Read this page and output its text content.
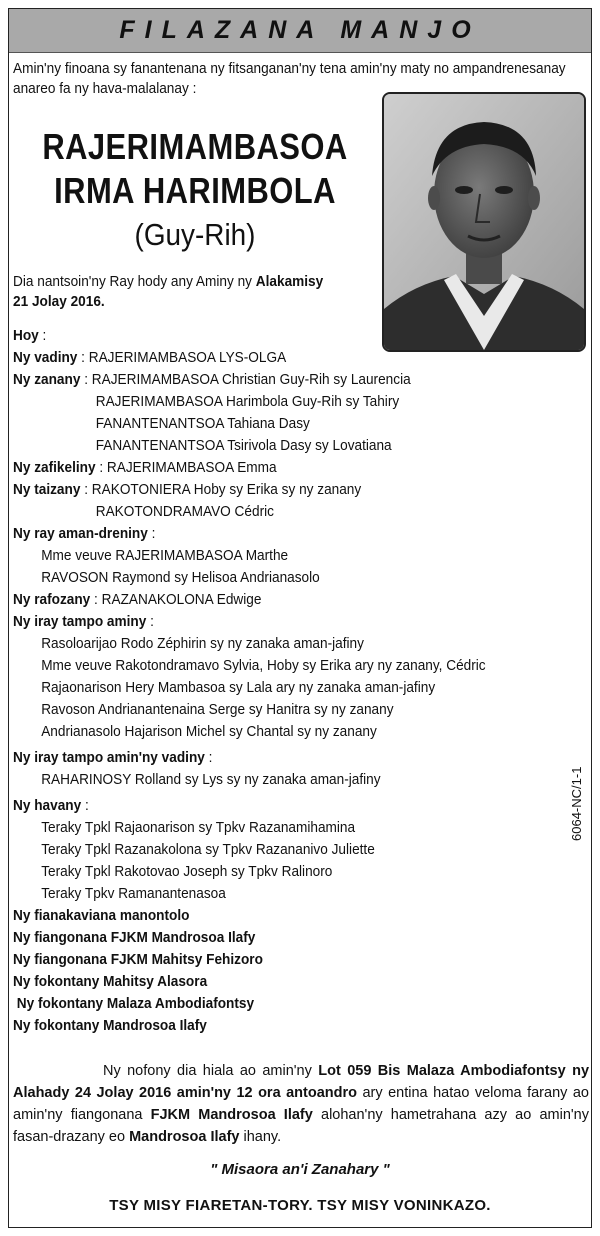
FILAZANA MANJO
Amin'ny finoana sy fanantenana ny fitsanganan'ny tena amin'ny maty no ampandrenesanay anareo fa ny hava-malalanay :
RAJERIMAMBASOA
IRMA HARIMBOLA
(Guy-Rih)
Dia nantsoin'ny Ray hody any Aminy ny Alakamisy
21 Jolay 2016.
Hoy :
Ny vadiny : RAJERIMAMBASOA LYS-OLGA
Ny zanany : RAJERIMAMBASOA Christian Guy-Rih sy Laurencia
RAJERIMAMBASOA Harimbola Guy-Rih sy Tahiry
FANANTENANTSOA Tahiana Dasy
FANANTENANTSOA Tsirivola Dasy sy Lovatiana
Ny zafikeliny : RAJERIMAMBASOA Emma
Ny taizany : RAKOTONIERA Hoby sy Erika sy ny zanany
RAKOTONDRAMAVO Cédric
Ny ray aman-dreniny :
Mme veuve RAJERIMAMBASOA Marthe
RAVOSON Raymond sy Helisoa Andrianasolo
Ny rafozany : RAZANAKOLONA Edwige
Ny iray tampo aminy :
Rasoloarijao Rodo Zéphirin sy ny zanaka aman-jafiny
Mme veuve Rakotondramavo Sylvia, Hoby sy Erika ary ny zanany, Cédric
Rajaonarison Hery Mambasoa sy Lala ary ny zanaka aman-jafiny
Ravoson Andrianantenaina Serge sy Hanitra sy ny zanany
Andrianasolo Hajarison Michel sy Chantal sy ny zanany
Ny iray tampo amin'ny vadiny :
RAHARINOSY Rolland sy Lys sy ny zanaka aman-jafiny
Ny havany :
Teraky Tpkl Rajaonarison sy Tpkv Razanamihamina
Teraky Tpkl Razanakolona sy Tpkv Razananivo Juliette
Teraky Tpkl Rakotovao Joseph sy Tpkv Ralinoro
Teraky Tpkv Ramanantenasoa
Ny fianakaviana manontolo
Ny fiangonana FJKM Mandrosoa Ilafy
Ny fiangonana FJKM Mahitsy Fehizoro
Ny fokontany Mahitsy Alasora
Ny fokontany Malaza Ambodiafontsy
Ny fokontany Mandrosoa Ilafy

Ny nofony dia hiala ao amin'ny Lot 059 Bis Malaza Ambodiafontsy ny Alahady 24 Jolay 2016 amin'ny 12 ora antoandro ary entina hatao veloma farany ao amin'ny fiangonana FJKM Mandrosoa Ilafy alohan'ny hametrahana azy ao amin'ny fasan-drazany eo Mandrosoa Ilafy ihany.

" Misaora an'i Zanahary "
TSY MISY FIARETAN-TORY. TSY MISY VONINKAZO.
6064-NC/1-1
